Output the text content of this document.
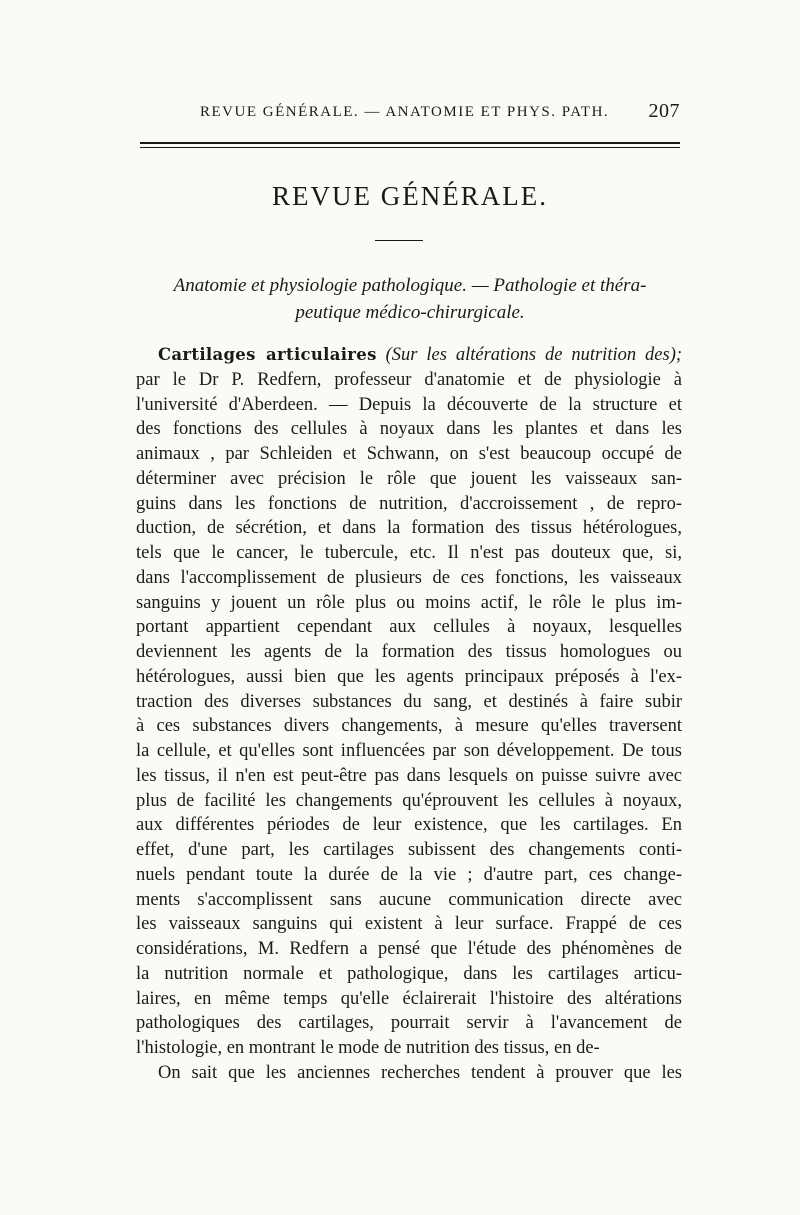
REVUE GÉNÉRALE. — ANATOMIE ET PHYS. PATH.	207
REVUE GÉNÉRALE.
Anatomie et physiologie pathologique. — Pathologie et théra-
peutique médico-chirurgicale.
Cartilages articulaires (Sur les altérations de nutrition des);
par le Dr P. Redfern, professeur d'anatomie et de physiologie à
l'université d'Aberdeen. — Depuis la découverte de la structure et
des fonctions des cellules à noyaux dans les plantes et dans les
animaux , par Schleiden et Schwann, on s'est beaucoup occupé de
déterminer avec précision le rôle que jouent les vaisseaux san-
guins dans les fonctions de nutrition, d'accroissement , de repro-
duction, de sécrétion, et dans la formation des tissus hétérologues,
tels que le cancer, le tubercule, etc. Il n'est pas douteux que, si,
dans l'accomplissement de plusieurs de ces fonctions, les vaisseaux
sanguins y jouent un rôle plus ou moins actif, le rôle le plus im-
portant appartient cependant aux cellules à noyaux, lesquelles
deviennent les agents de la formation des tissus homologues ou
hétérologues, aussi bien que les agents principaux préposés à l'ex-
traction des diverses substances du sang, et destinés à faire subir
à ces substances divers changements, à mesure qu'elles traversent
la cellule, et qu'elles sont influencées par son développement. De tous
les tissus, il n'en est peut-être pas dans lesquels on puisse suivre avec
plus de facilité les changements qu'éprouvent les cellules à noyaux,
aux différentes périodes de leur existence, que les cartilages. En
effet, d'une part, les cartilages subissent des changements conti-
nuels pendant toute la durée de la vie ; d'autre part, ces change-
ments s'accomplissent sans aucune communication directe avec
les vaisseaux sanguins qui existent à leur surface. Frappé de ces
considérations, M. Redfern a pensé que l'étude des phénomènes de
la nutrition normale et pathologique, dans les cartilages articu-
laires, en même temps qu'elle éclairerait l'histoire des altérations
pathologiques des cartilages, pourrait servir à l'avancement de
l'histologie, en montrant le mode de nutrition des tissus, en de-
On sait que les anciennes recherches tendent à prouver que les
